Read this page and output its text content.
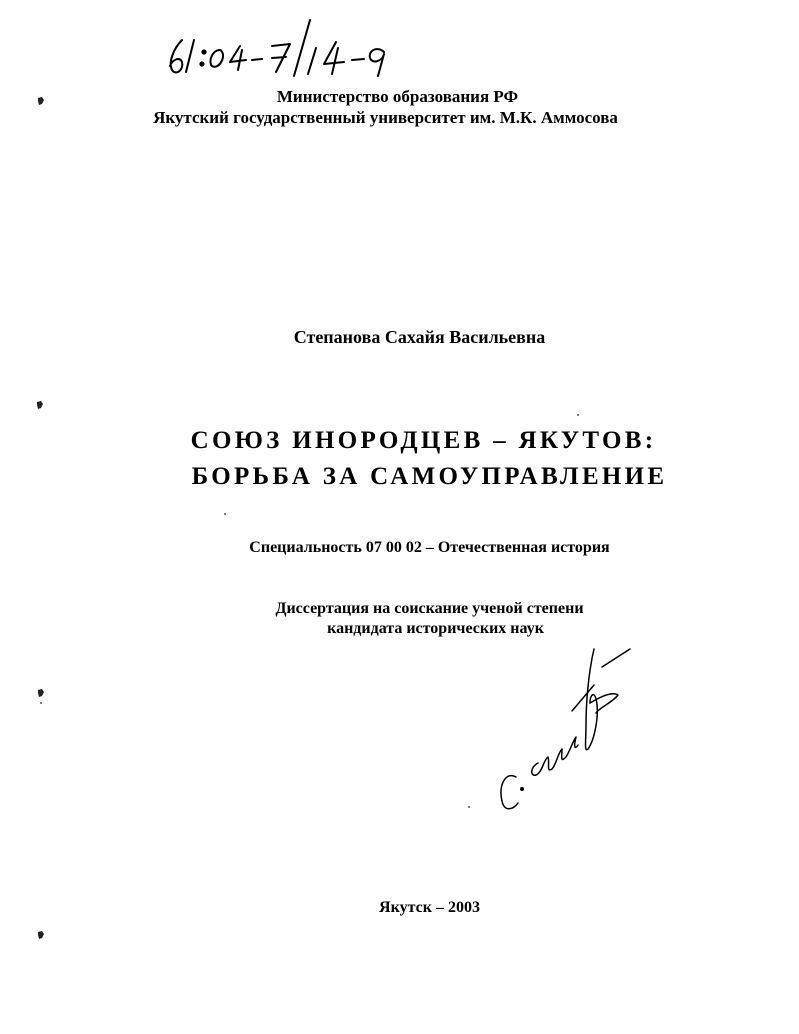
61:04-7/14-9
Министерство образования РФ
Якутский государственный университет им. М.К. Аммосова
Степанова Сахайя Васильевна
СОЮЗ ИНОРОДЦЕВ – ЯКУТОВ:
БОРЬБА ЗА САМОУПРАВЛЕНИЕ
Специальность 07 00 02 – Отечественная история
Диссертация на соискание ученой степени
кандидата исторических наук
Якутск – 2003
